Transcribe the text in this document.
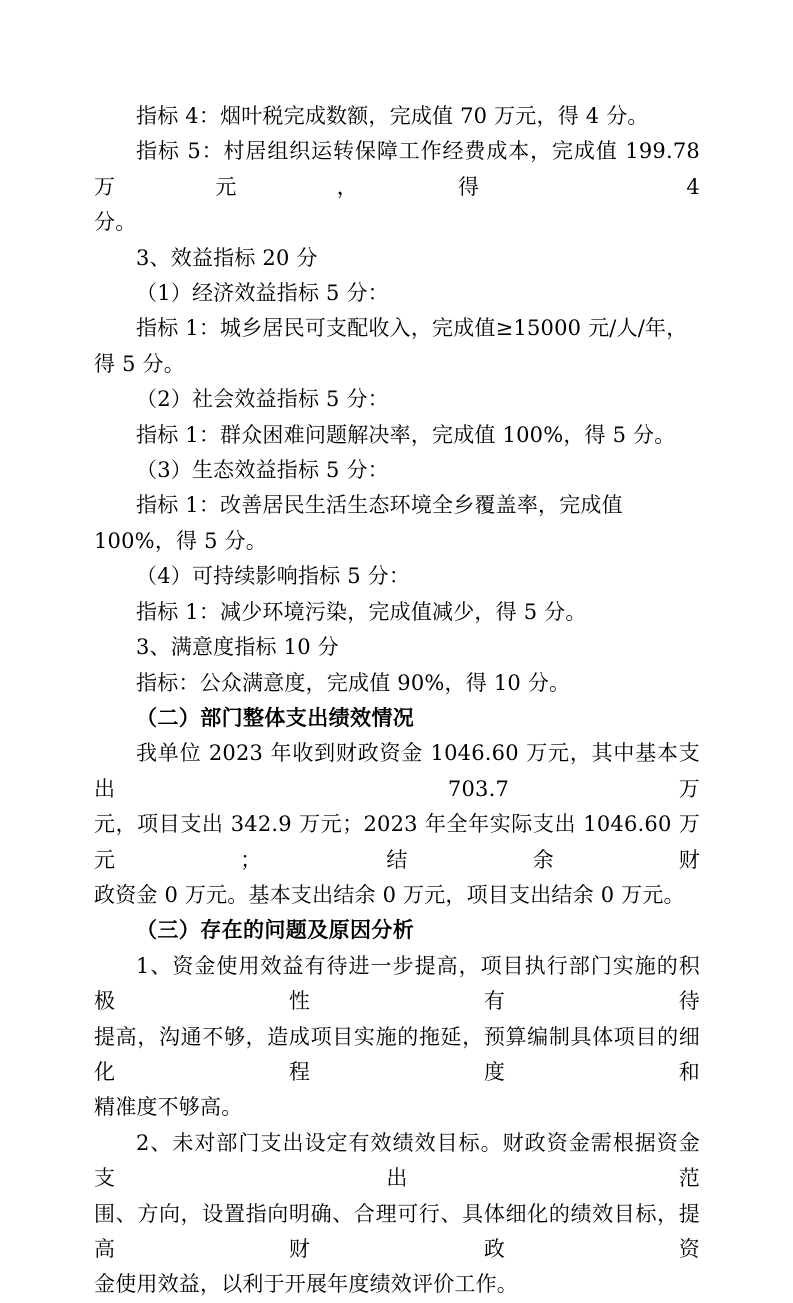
指标 4：烟叶税完成数额，完成值 70 万元，得 4 分。
指标 5：村居组织运转保障工作经费成本，完成值 199.78 万元，得 4
分。
3、效益指标 20 分
（1）经济效益指标 5 分：
指标 1：城乡居民可支配收入，完成值≥15000 元/人/年，得 5 分。
（2）社会效益指标 5 分：
指标 1：群众困难问题解决率，完成值 100%，得 5 分。
（3）生态效益指标 5 分：
指标 1：改善居民生活生态环境全乡覆盖率，完成值 100%，得 5 分。
（4）可持续影响指标 5 分：
指标 1：减少环境污染，完成值减少，得 5 分。
3、满意度指标 10 分
指标：公众满意度，完成值 90%，得 10 分。
（二）部门整体支出绩效情况
我单位 2023 年收到财政资金 1046.60 万元，其中基本支出 703.7 万
元，项目支出 342.9 万元；2023 年全年实际支出 1046.60 万元；结余财
政资金 0 万元。基本支出结余 0 万元，项目支出结余 0 万元。
（三）存在的问题及原因分析
1、资金使用效益有待进一步提高，项目执行部门实施的积极性有待
提高，沟通不够，造成项目实施的拖延，预算编制具体项目的细化程度和
精准度不够高。
2、未对部门支出设定有效绩效目标。财政资金需根据资金支出范
围、方向，设置指向明确、合理可行、具体细化的绩效目标，提高财政资
金使用效益，以利于开展年度绩效评价工作。
